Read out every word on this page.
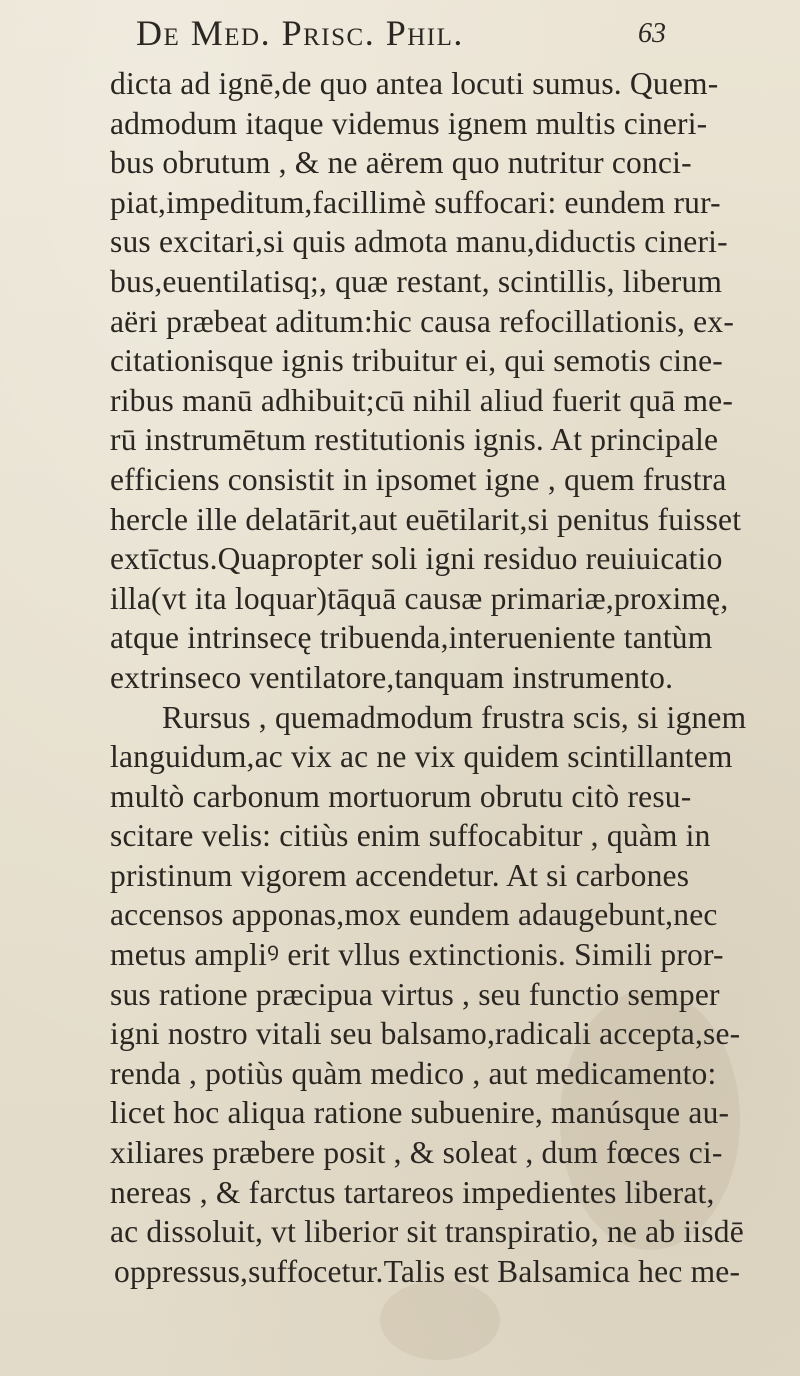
De Med. Prisc. Phil.	63
dicta ad ignē,de quo antea locuti sumus. Quem-
admodum itaque videmus ignem multis cineri-
bus obrutum , & ne aërem quo nutritur conci-
piat,impeditum,facillimè suffocari: eundem rur-
sus excitari,si quis admota manu,diductis cineri-
bus,euentilatisq;, quæ restant, scintillis, liberum
aëri præbeat aditum:hic causa refocillationis, ex-
citationisque ignis tribuitur ei, qui semotis cine-
ribus manū adhibuit;cū nihil aliud fuerit quā me-
rū instrumētum restitutionis ignis. At principale
efficiens consistit in ipsomet igne , quem frustra
hercle ille delatārit,aut euētilarit,si penitus fuisset
extīctus.Quapropter soli igni residuo reuiuicatio
illa(vt ita loquar)tāquā causæ primariæ,proximę,
atque intrinsecę tribuenda,interueniente tantùm
extrinseco ventilatore,tanquam instrumento.
Rursus , quemadmodum frustra scis, si ignem
languidum,ac vix ac ne vix quidem scintillantem
multò carbonum mortuorum obrutu citò resu-
scitare velis: citiùs enim suffocabitur , quàm in
pristinum vigorem accendetur. At si carbones
accensos apponas,mox eundem adaugebunt,nec
metus ampliꝰ erit vllus extinctionis. Simili pror-
sus ratione præcipua virtus , seu functio semper
igni nostro vitali seu balsamo,radicali accepta,se-
renda , potiùs quàm medico , aut medicamento:
licet hoc aliqua ratione subuenire, manúsque au-
xiliares præbere posit , & soleat , dum fœces ci-
nereas , & farctus tartareos impedientes liberat,
ac dissoluit, vt liberior sit transpiratio, ne ab iisdē
oppressus,suffocetur.Talis est Balsamica hec me-
